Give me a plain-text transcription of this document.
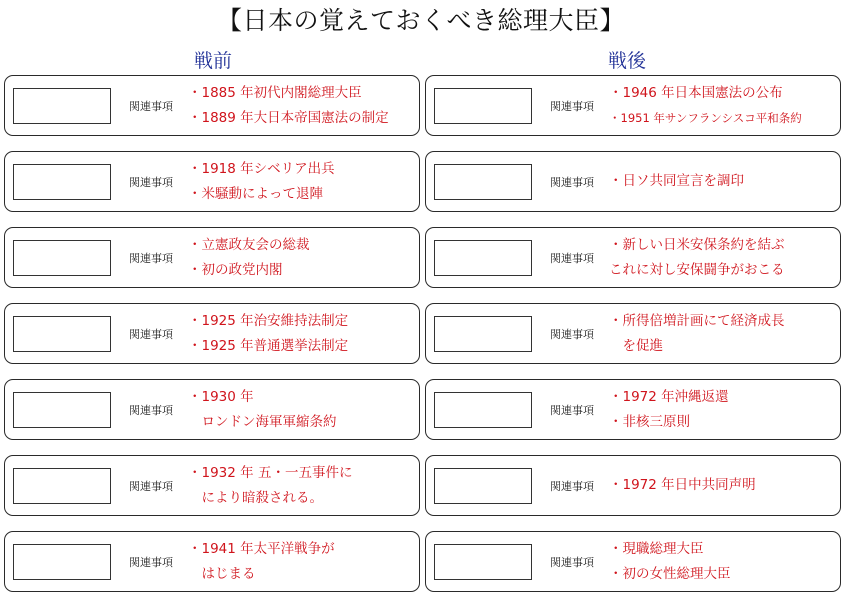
【日本の覚えておくべき総理大臣】
戦前	戦後
関連事項
・1885 年初代内閣総理大臣
・1889 年大日本帝国憲法の制定
関連事項
・1918 年シベリア出兵
・米騒動によって退陣
関連事項
・立憲政友会の総裁
・初の政党内閣
関連事項
・1925 年治安維持法制定
・1925 年普通選挙法制定
関連事項
・1930 年
　ロンドン海軍軍縮条約
関連事項
・1932 年 五・一五事件に
　により暗殺される。
関連事項
・1941 年太平洋戦争が
　はじまる
関連事項
・1946 年日本国憲法の公布
・1951 年サンフランシスコ平和条約
関連事項 ・日ソ共同宣言を調印
関連事項
・新しい日米安保条約を結ぶ
これに対し安保闘争がおこる
関連事項
・所得倍増計画にて経済成長
　を促進
関連事項
・1972 年沖縄返還
・非核三原則
関連事項 ・1972 年日中共同声明
関連事項
・現職総理大臣
・初の女性総理大臣
